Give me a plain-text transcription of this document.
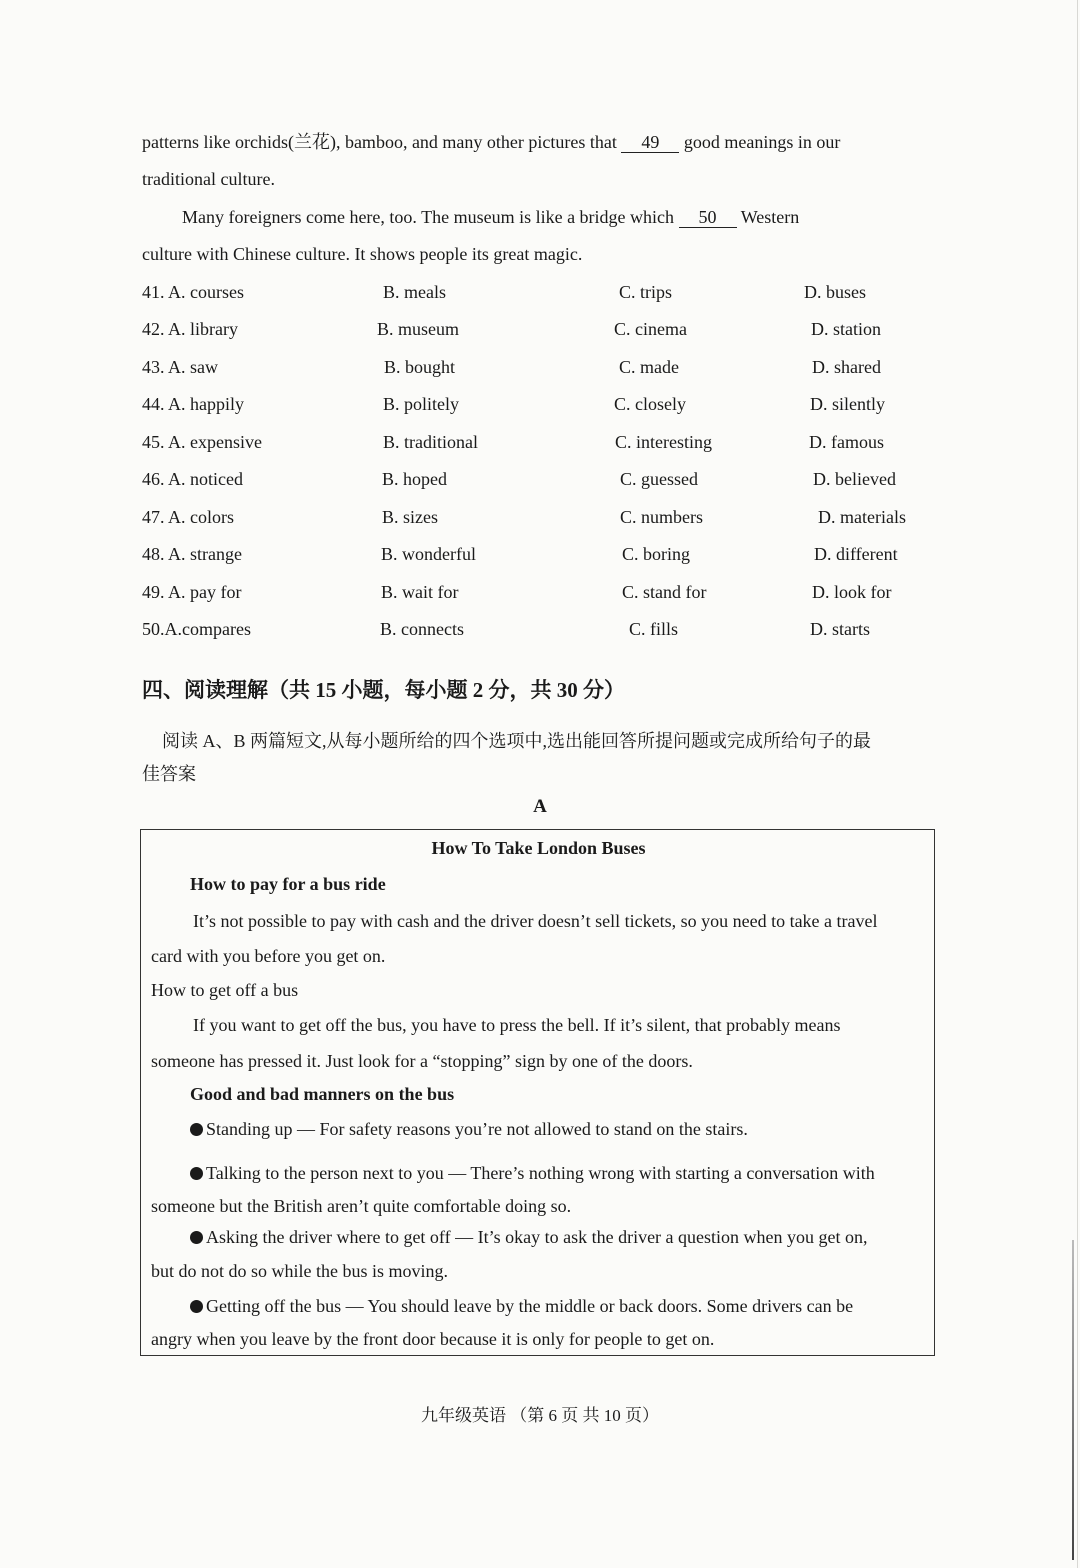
patterns like orchids(兰花), bamboo, and many other pictures that 49 good meanings in our
traditional culture.
Many foreigners come here, too. The museum is like a bridge which 50 Western
culture with Chinese culture. It shows people its great magic.
41. A. courses	B. meals	C. trips	D. buses
42. A. library	B. museum	C. cinema	D. station
43. A. saw	B. bought	C. made	D. shared
44. A. happily	B. politely	C. closely	D. silently
45. A. expensive	B. traditional	C. interesting	D. famous
46. A. noticed	B. hoped	C. guessed	D. believed
47. A. colors	B. sizes	C. numbers	D. materials
48. A. strange	B. wonderful	C. boring	D. different
49. A. pay for	B. wait for	C. stand for	D. look for
50.A.compares	B. connects	C. fills	D. starts
四、阅读理解（共 15 小题，每小题 2 分，共 30 分）
阅读 A、B 两篇短文,从每小题所给的四个选项中,选出能回答所提问题或完成所给句子的最
佳答案
A
How To Take London Buses
How to pay for a bus ride
It’s not possible to pay with cash and the driver doesn’t sell tickets, so you need to take a travel
card with you before you get on.
How to get off a bus
If you want to get off the bus, you have to press the bell. If it’s silent, that probably means
someone has pressed it. Just look for a “stopping” sign by one of the doors.
Good and bad manners on the bus
Standing up — For safety reasons you’re not allowed to stand on the stairs.
Talking to the person next to you — There’s nothing wrong with starting a conversation with
someone but the British aren’t quite comfortable doing so.
Asking the driver where to get off — It’s okay to ask the driver a question when you get on,
but do not do so while the bus is moving.
Getting off the bus — You should leave by the middle or back doors. Some drivers can be
angry when you leave by the front door because it is only for people to get on.
九年级英语 （第 6 页 共 10 页）
